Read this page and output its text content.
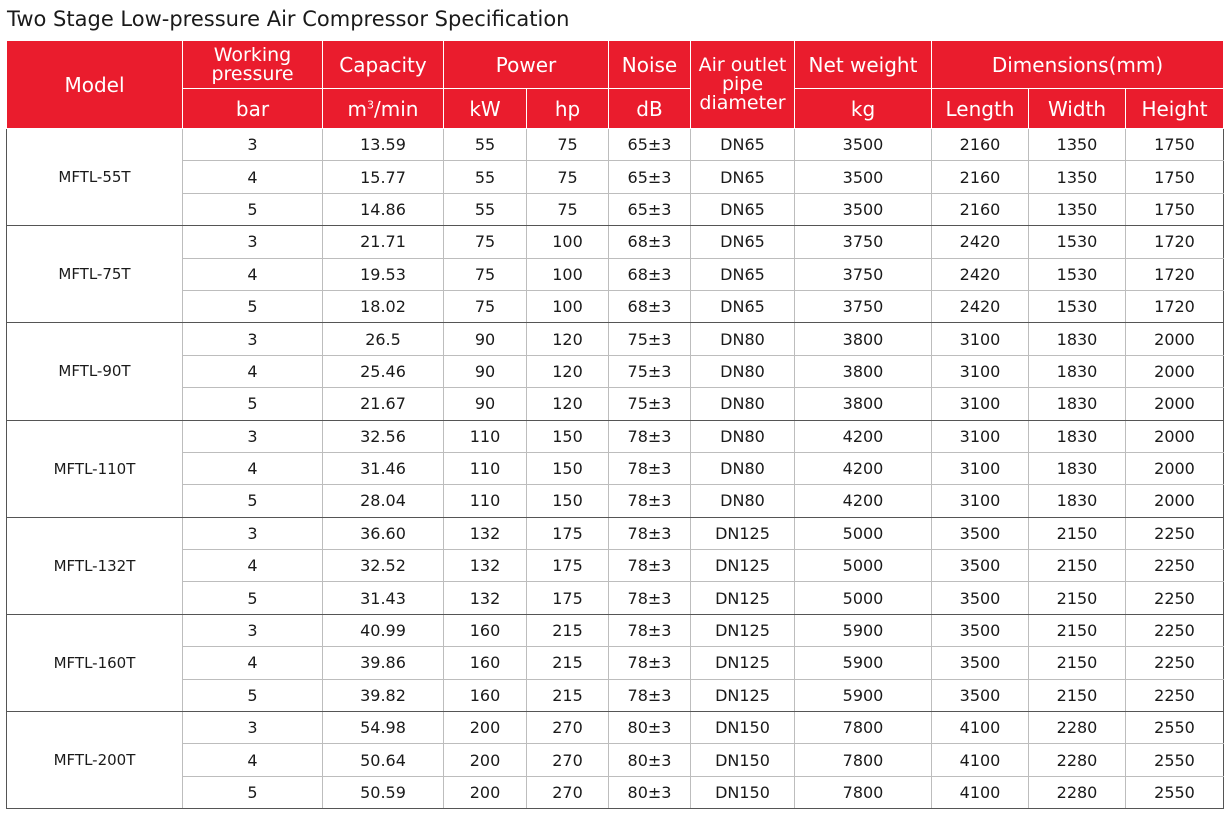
Two Stage Low-pressure Air Compressor Specification
Model	Working pressure	Capacity	Power		Noise	Air outlet pipe diameter	Net weight	Dimensions(mm)		
	bar	$m^3/\min$	kW	hp	dB		kg	Length	Width	Height
MFTL-55T	3	13.59	55	75	65±3	DN65	3500	2160	1350	1750
	4	15.77	55	75	65±3	DN65	3500	2160	1350	1750
	5	14.86	55	75	65±3	DN65	3500	2160	1350	1750
MFTL-75T	3	21.71	75	100	68±3	DN65	3750	2420	1530	1720
	4	19.53	75	100	68±3	DN65	3750	2420	1530	1720
	5	18.02	75	100	68±3	DN65	3750	2420	1530	1720
MFTL-90T	3	26.5	90	120	75±3	DN80	3800	3100	1830	2000
	4	25.46	90	120	75±3	DN80	3800	3100	1830	2000
	5	21.67	90	120	75±3	DN80	3800	3100	1830	2000
MFTL-110T	3	32.56	110	150	78±3	DN80	4200	3100	1830	2000
	4	31.46	110	150	78±3	DN80	4200	3100	1830	2000
	5	28.04	110	150	78±3	DN80	4200	3100	1830	2000
MFTL-132T	3	36.60	132	175	78±3	DN125	5000	3500	2150	2250
	4	32.52	132	175	78±3	DN125	5000	3500	2150	2250
	5	31.43	132	175	78±3	DN125	5000	3500	2150	2250
MFTL-160T	3	40.99	160	215	78±3	DN125	5900	3500	2150	2250
	4	39.86	160	215	78±3	DN125	5900	3500	2150	2250
	5	39.82	160	215	78±3	DN125	5900	3500	2150	2250
MFTL-200T	3	54.98	200	270	80±3	DN150	7800	4100	2280	2550
	4	50.64	200	270	80±3	DN150	7800	4100	2280	2550
	5	50.59	200	270	80±3	DN150	7800	4100	2280	2550
